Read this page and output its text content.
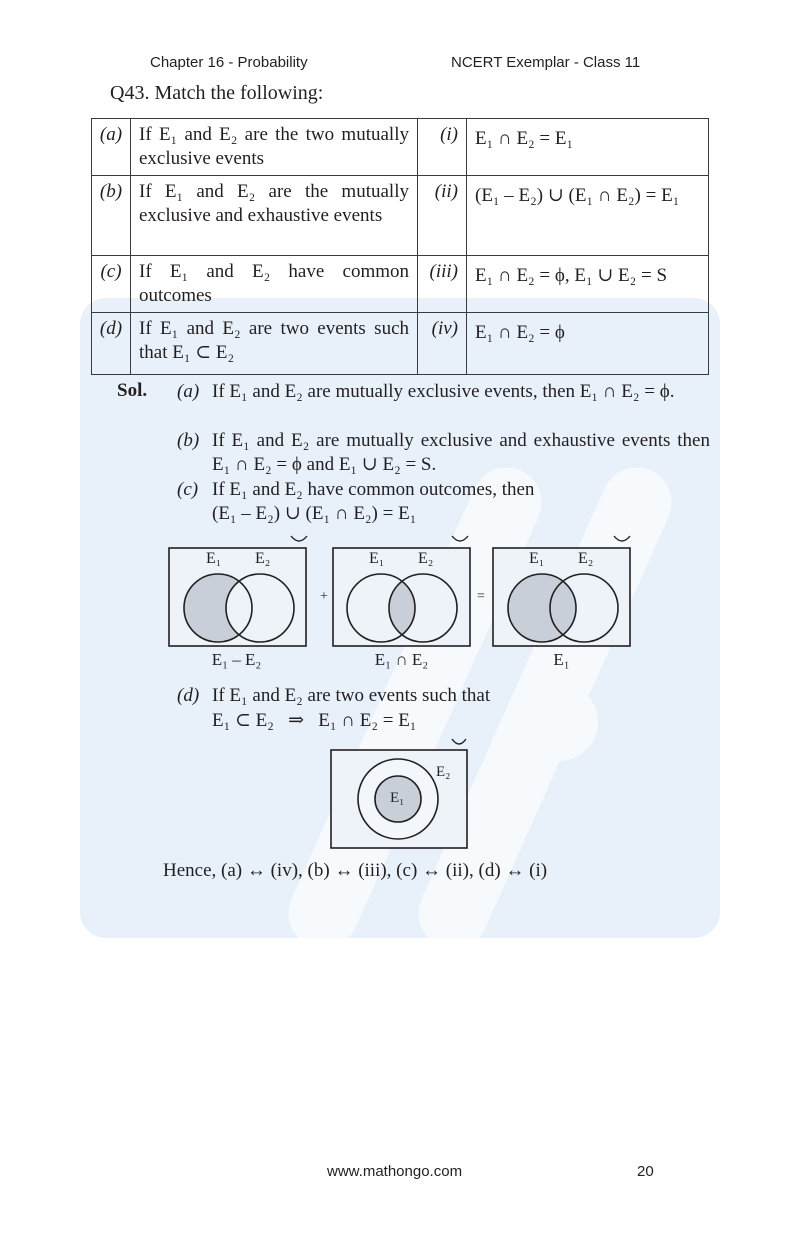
Chapter 16 - Probability	NCERT Exemplar - Class 11
Q43. Match the following:
(a)	If E₁ and E₂ are the two mutually exclusive events	(i)	E₁ ∩ E₂ = E₁
(b)	If E₁ and E₂ are the mutually exclusive and exhaustive events	(ii)	(E₁ – E₂) ∪ (E₁ ∩ E₂) = E₁
(c)	If E₁ and E₂ have common outcomes	(iii)	E₁ ∩ E₂ = ϕ, E₁ ∪ E₂ = S
(d)	If E₁ and E₂ are two events such that E₁ ⊂ E₂	(iv)	E₁ ∩ E₂ = ϕ
Sol. (a) If E₁ and E₂ are mutually exclusive events, then E₁ ∩ E₂ = ϕ.
(b) If E₁ and E₂ are mutually exclusive and exhaustive events then E₁ ∩ E₂ = ϕ and E₁ ∪ E₂ = S.
(c) If E₁ and E₂ have common outcomes, then
(E₁ – E₂) ∪ (E₁ ∩ E₂) = E₁
+	=
E₁ E₂	E₁ E₂	E₁ E₂
E₁ – E₂	E₁ ∩ E₂	E₁
(d) If E₁ and E₂ are two events such that
E₁ ⊂ E₂   ⇒   E₁ ∩ E₂ = E₁
E₁
E₂
Hence, (a) ↔ (iv), (b) ↔ (iii), (c) ↔ (ii), (d) ↔ (i)
www.mathongo.com	20
